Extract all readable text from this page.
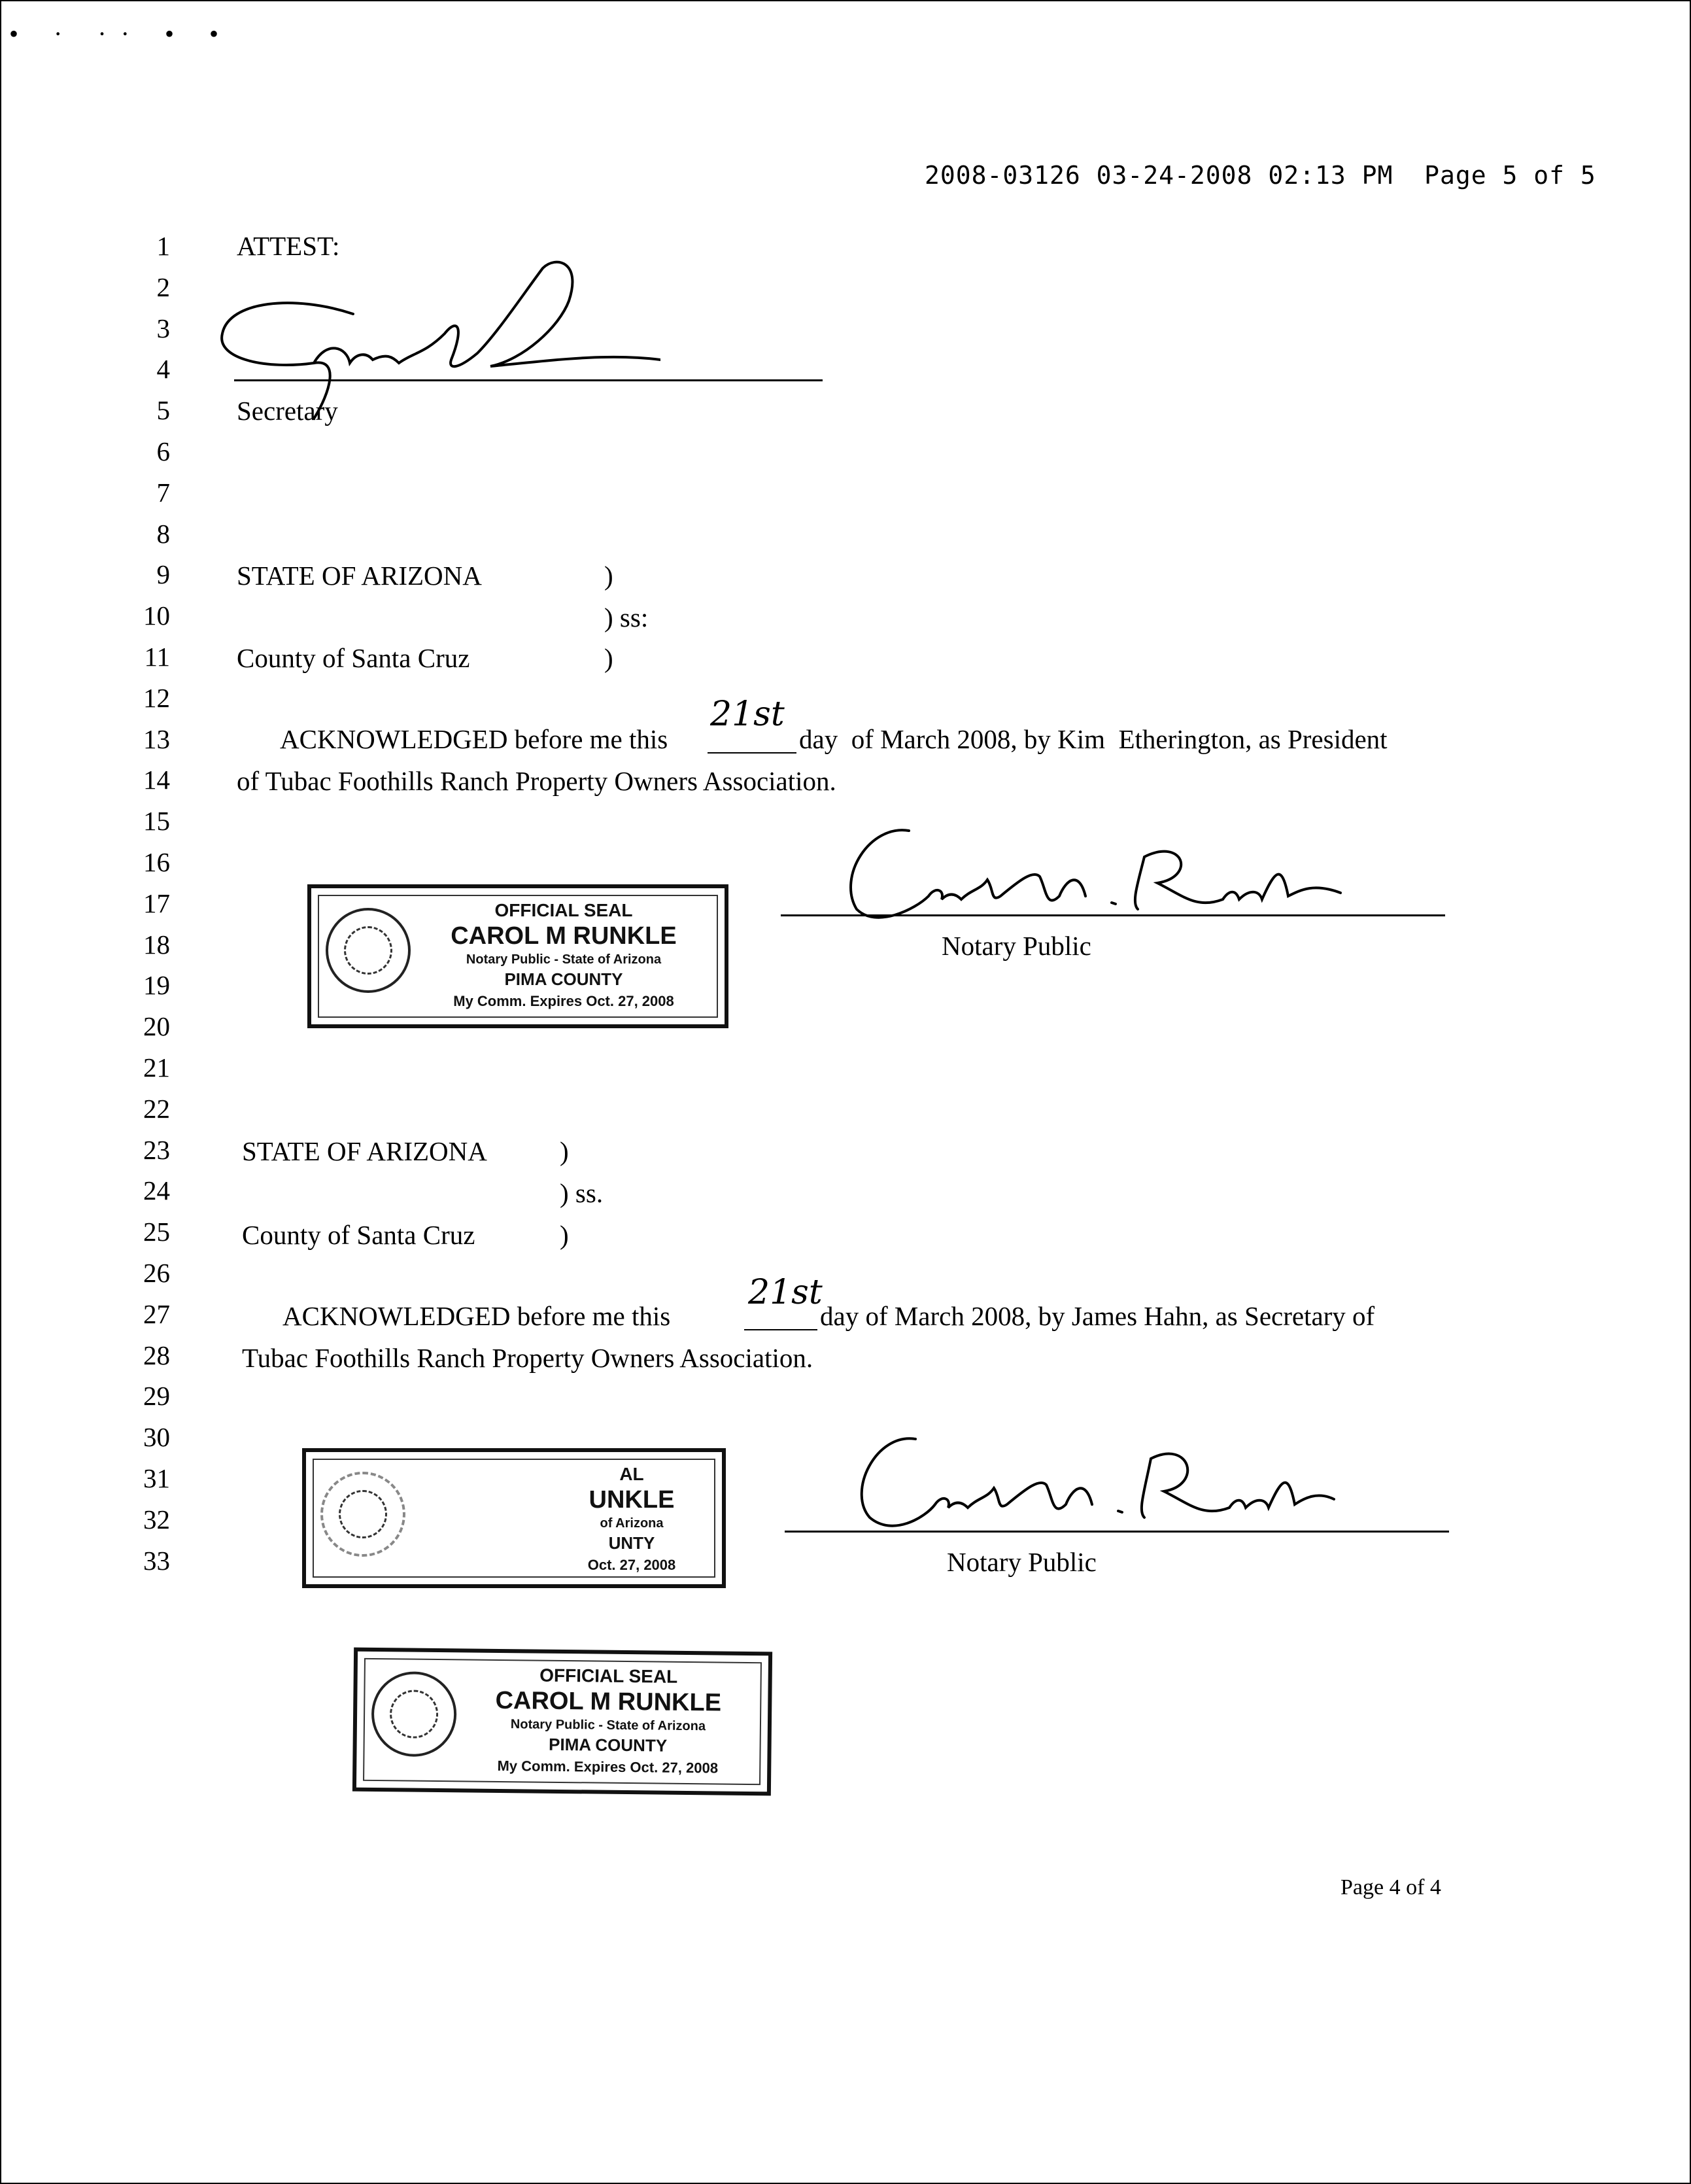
• · ·· • •
2008-03126 03-24-2008 02:13 PM  Page 5 of 5
1
2
3
4
5
6
7
8
9
10
11
12
13
14
15
16
17
18
19
20
21
22
23
24
25
26
27
28
29
30
31
32
33
ATTEST:
Secretary
STATE OF ARIZONA	)
) ss:
County of Santa Cruz	)
ACKNOWLEDGED before me this
21st
day  of March 2008, by Kim  Etherington, as President
of Tubac Foothills Ranch Property Owners Association.
Notary Public
OFFICIAL SEAL
CAROL M RUNKLE
Notary Public - State of Arizona
PIMA COUNTY
My Comm. Expires Oct. 27, 2008
STATE OF ARIZONA	)
) ss.
County of Santa Cruz	)
ACKNOWLEDGED before me this
21st
day of March 2008, by James Hahn, as Secretary of
Tubac Foothills Ranch Property Owners Association.
Notary Public
AL
UNKLE
of Arizona
UNTY
Oct. 27, 2008
OFFICIAL SEAL
CAROL M RUNKLE
Notary Public - State of Arizona
PIMA COUNTY
My Comm. Expires Oct. 27, 2008
Page 4 of 4
